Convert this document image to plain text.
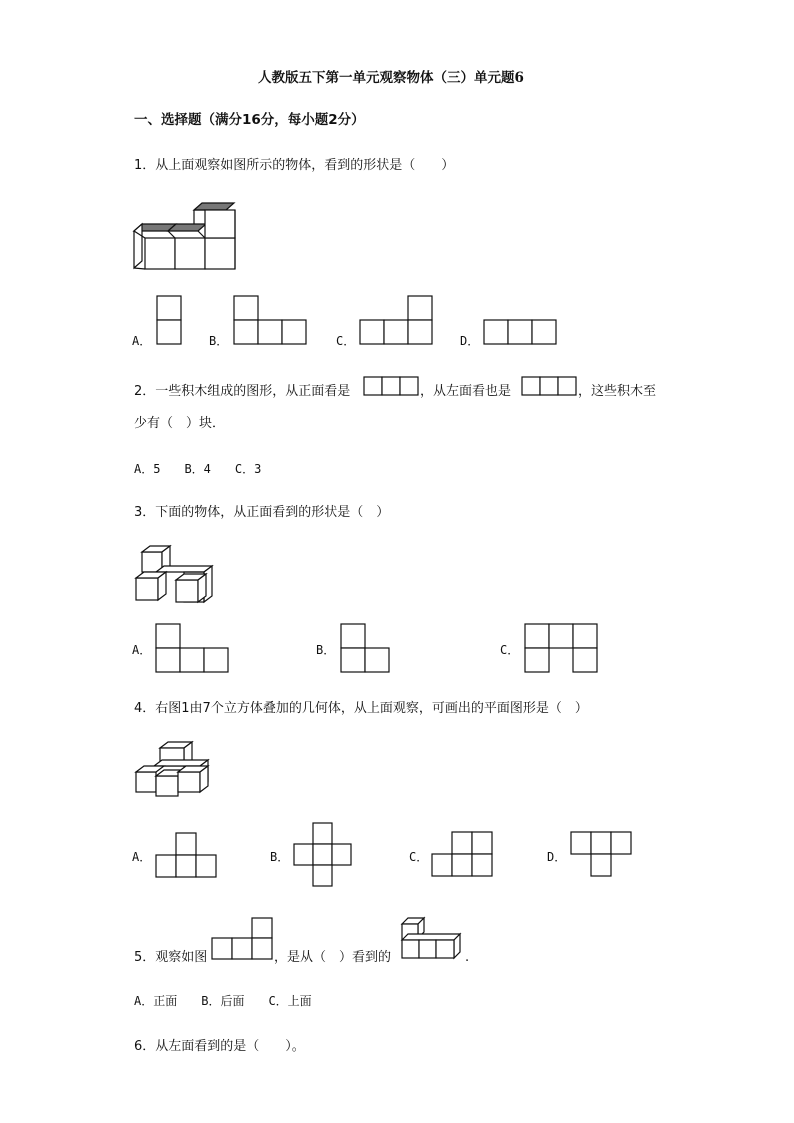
人教版五下第一单元观察物体（三）单元题6
一、选择题（满分16分，每小题2分）
1．从上面观察如图所示的物体，看到的形状是（　　）
A．	B．	C．	D．
2．一些积木组成的图形，从正面看是	，从左面看也是	，这些积木至
少有（　）块．
A．5　　B．4　　C．3
3．下面的物体，从正面看到的形状是（　）
A．	B．	C．
4．右图1由7个立方体叠加的几何体，从上面观察，可画出的平面图形是（　）
A．	B．	C．	D．
5．观察如图	，是从（　）看到的	.
A．正面　　B．后面　　C．上面
6．从左面看到的是（　　）。
